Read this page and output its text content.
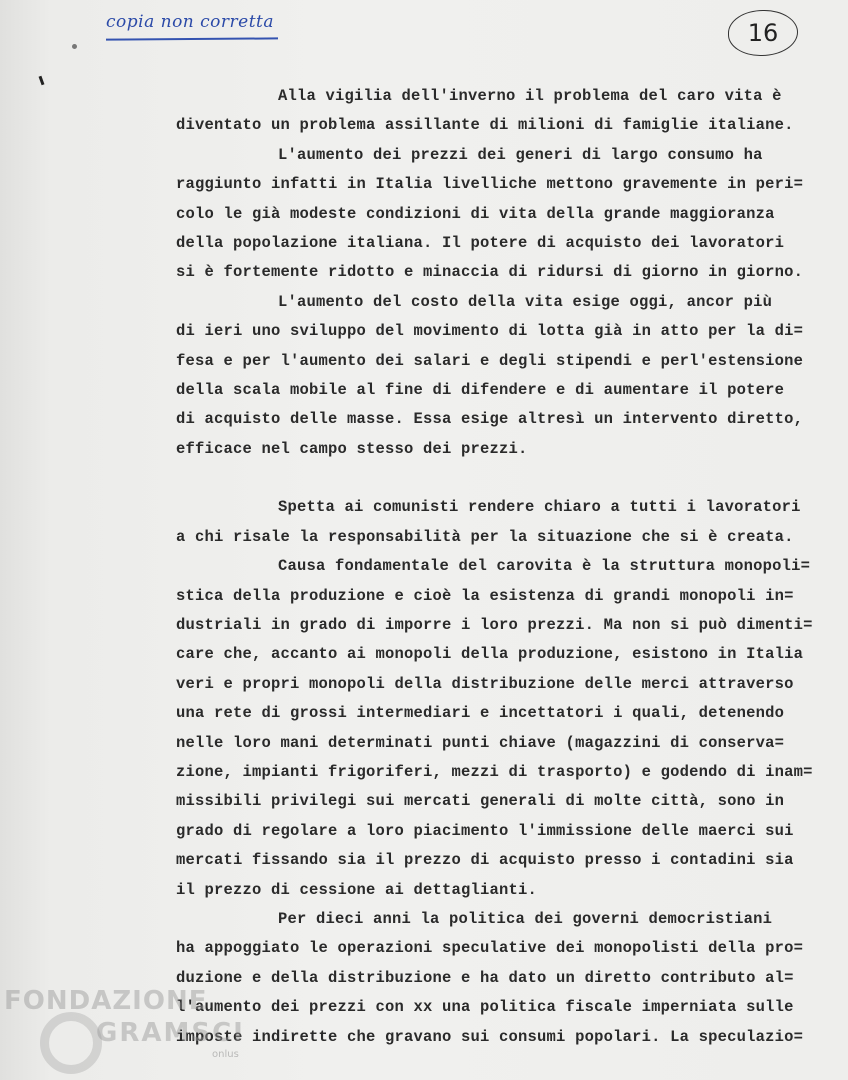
copia non corretta	16
Alla vigilia dell'inverno il problema del caro vita è
diventato un problema assillante di milioni di famiglie italiane.
L'aumento dei prezzi dei generi di largo consumo ha
raggiunto infatti in Italia livelliche mettono gravemente in peri=
colo le già modeste condizioni di vita della grande maggioranza
della popolazione italiana. Il potere di acquisto dei lavoratori
si è fortemente ridotto e minaccia di ridursi di giorno in giorno.
L'aumento del costo della vita esige oggi, ancor più
di ieri uno sviluppo del movimento di lotta già in atto per la di=
fesa e per l'aumento dei salari e degli stipendi e perl'estensione
della scala mobile al fine di difendere e di aumentare il potere
di acquisto delle masse. Essa esige altresì un intervento diretto,
efficace nel campo stesso dei prezzi.
Spetta ai comunisti rendere chiaro a tutti i lavoratori
a chi risale la responsabilità per la situazione che si è creata.
Causa fondamentale del carovita è la struttura monopoli=
stica della produzione e cioè la esistenza di grandi monopoli in=
dustriali in grado di imporre i loro prezzi. Ma non si può dimenti=
care che, accanto ai monopoli della produzione, esistono in Italia
veri e propri monopoli della distribuzione delle merci attraverso
una rete di grossi intermediari e incettatori i quali, detenendo
nelle loro mani determinati punti chiave (magazzini di conserva=
zione, impianti frigoriferi, mezzi di trasporto) e godendo di inam=
missibili privilegi sui mercati generali di molte città, sono in
grado di regolare a loro piacimento l'immissione delle maerci sui
mercati fissando sia il prezzo di acquisto presso i contadini sia
il prezzo di cessione ai dettaglianti.
Per dieci anni la politica dei governi democristiani
ha appoggiato le operazioni speculative dei monopolisti della pro=
duzione e della distribuzione e ha dato un diretto contributo al=
l'aumento dei prezzi con xx una politica fiscale imperniata sulle
imposte indirette che gravano sui consumi popolari. La speculazio=
FONDAZIONE
GRAMSCI
onlus
